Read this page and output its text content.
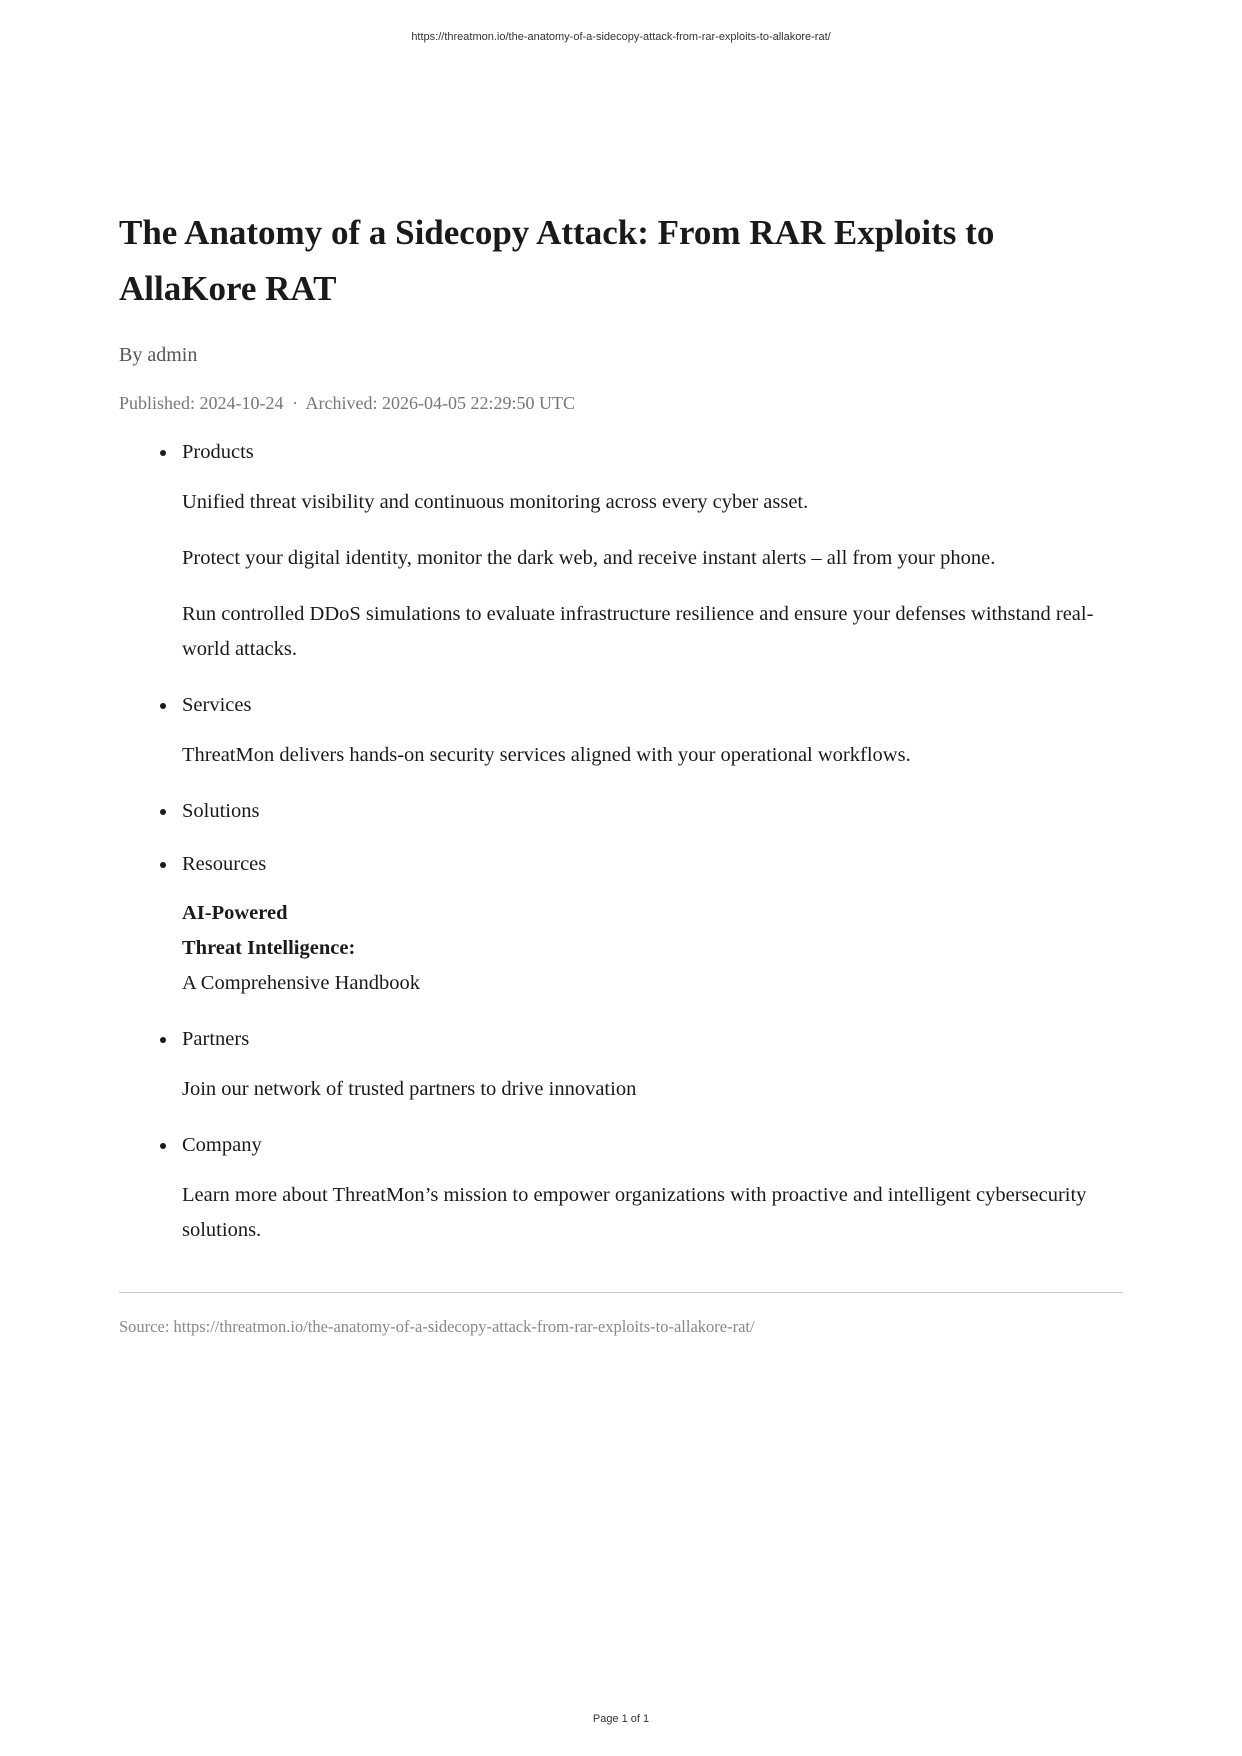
https://threatmon.io/the-anatomy-of-a-sidecopy-attack-from-rar-exploits-to-allakore-rat/
The Anatomy of a Sidecopy Attack: From RAR Exploits to AllaKore RAT
By admin
Published: 2024-10-24 · Archived: 2026-04-05 22:29:50 UTC
Products

Unified threat visibility and continuous monitoring across every cyber asset.

Protect your digital identity, monitor the dark web, and receive instant alerts – all from your phone.

Run controlled DDoS simulations to evaluate infrastructure resilience and ensure your defenses withstand real-world attacks.

Services

ThreatMon delivers hands-on security services aligned with your operational workflows.

Solutions
Resources
AI-Powered
Threat Intelligence:
A Comprehensive Handbook
Partners

Join our network of trusted partners to drive innovation

Company

Learn more about ThreatMon’s mission to empower organizations with proactive and intelligent cybersecurity solutions.

Source: https://threatmon.io/the-anatomy-of-a-sidecopy-attack-from-rar-exploits-to-allakore-rat/
Page 1 of 1
